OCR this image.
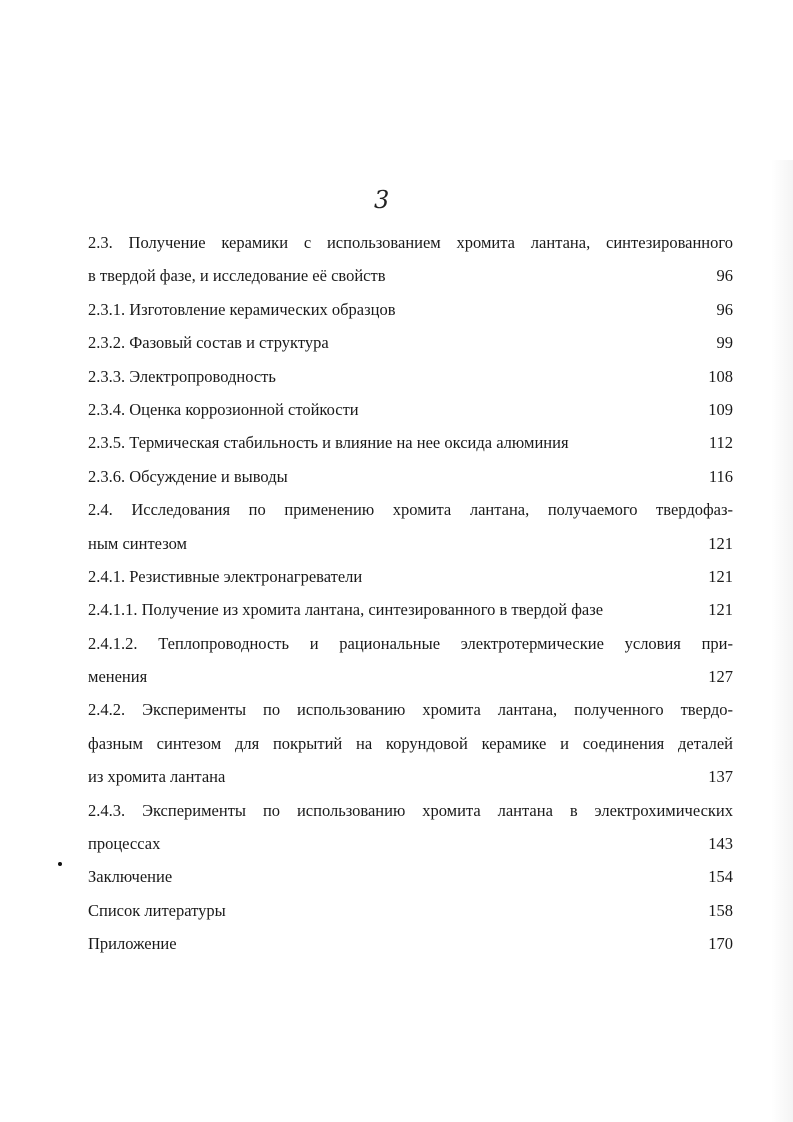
3
2.3. Получение керамики с использованием хромита лантана, синтезированного
в твердой фазе, и исследование её свойств	96
2.3.1. Изготовление керамических образцов	96
2.3.2. Фазовый состав и структура	99
2.3.3. Электропроводность	108
2.3.4. Оценка коррозионной стойкости	109
2.3.5. Термическая стабильность и влияние на нее оксида алюминия	112
2.3.6. Обсуждение и выводы	116
2.4. Исследования по применению хромита лантана, получаемого твердофаз-
ным синтезом	121
2.4.1. Резистивные электронагреватели	121
2.4.1.1. Получение из хромита лантана, синтезированного в твердой фазе	121
2.4.1.2. Теплопроводность и рациональные электротермические условия при-
менения	127
2.4.2. Эксперименты по использованию хромита лантана, полученного твердо-
фазным синтезом для покрытий на корундовой керамике и соединения деталей
из хромита лантана	137
2.4.3. Эксперименты по использованию хромита лантана в электрохимических
процессах	143
Заключение	154
Список литературы	158
Приложение	170
